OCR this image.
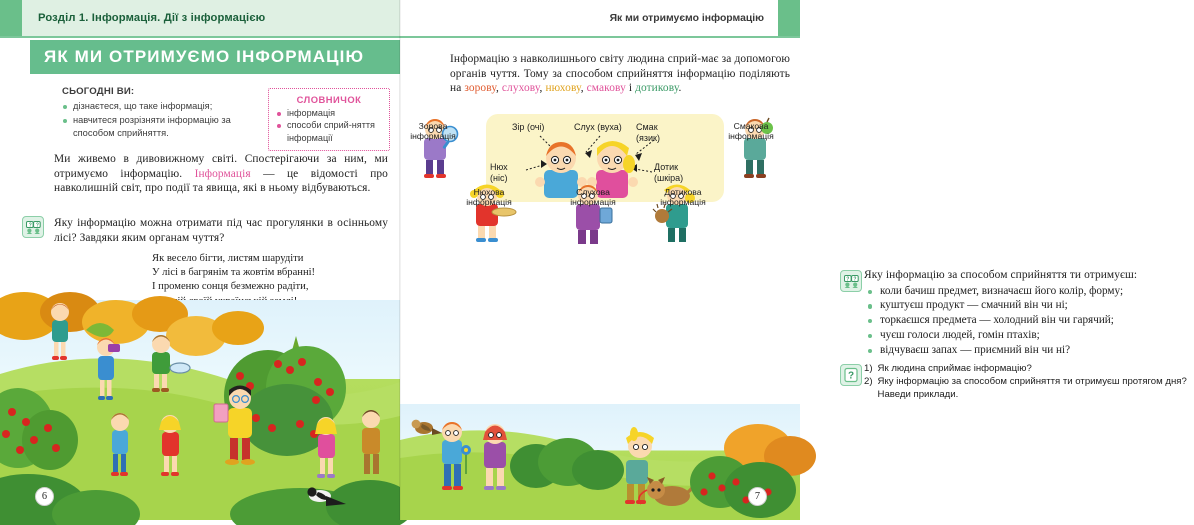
Розділ 1. Інформація. Дії з інформацією
ЯК МИ ОТРИМУЄМО ІНФОРМАЦІЮ
СЬОГОДНІ ВИ:
дізнаєтеся, що таке інформація;
навчитеся розрізняти інформацію за способом сприйняття.
СЛОВНИЧОК
інформація
способи сприй-няття інформації

Ми живемо в дивовижному світі. Спостерігаючи за ним, ми отримуємо інформацію. Інформація — це відомості про навколишній світ, про події та явища, які в ньому відбуваються.

? ? Яку інформацію можна отримати під час прогулянки в осінньому лісі? Завдяки яким органам чуття?

Як весело бігти, листям шарудіти
У лісі в багрянім та жовтім вбранні!
І променю сонця безмежно радіти,
6
Як ми отримуємо інформацію

Інформацію з навколишнього світу людина сприй-має за допомогою органів чуття. Тому за способом сприйняття інформацію поділяють на зорову, слухову, нюхову, смакову і дотикову.

Зір (очі)	Слух (вуха) Смак (язик)
Нюх (ніс)
Дотик (шкіра)
Зорова інформація
Смакова інформація
Нюхова інформація
Слухова інформація
Дотикова інформація
? ? Яку інформацію за способом сприйняття ти отримуєш:
коли бачиш предмет, визначаєш його колір, форму;
куштуєш продукт — смачний він чи ні;
торкаєшся предмета — холодний він чи гарячий;
чуєш голоси людей, гомін птахів;
відчуваєш запах — приємний він чи ні?
?
1) Як людина сприймає інформацію?
2) Яку інформацію за способом сприйняття ти отримуєш протягом дня? Наведи приклади.
7
